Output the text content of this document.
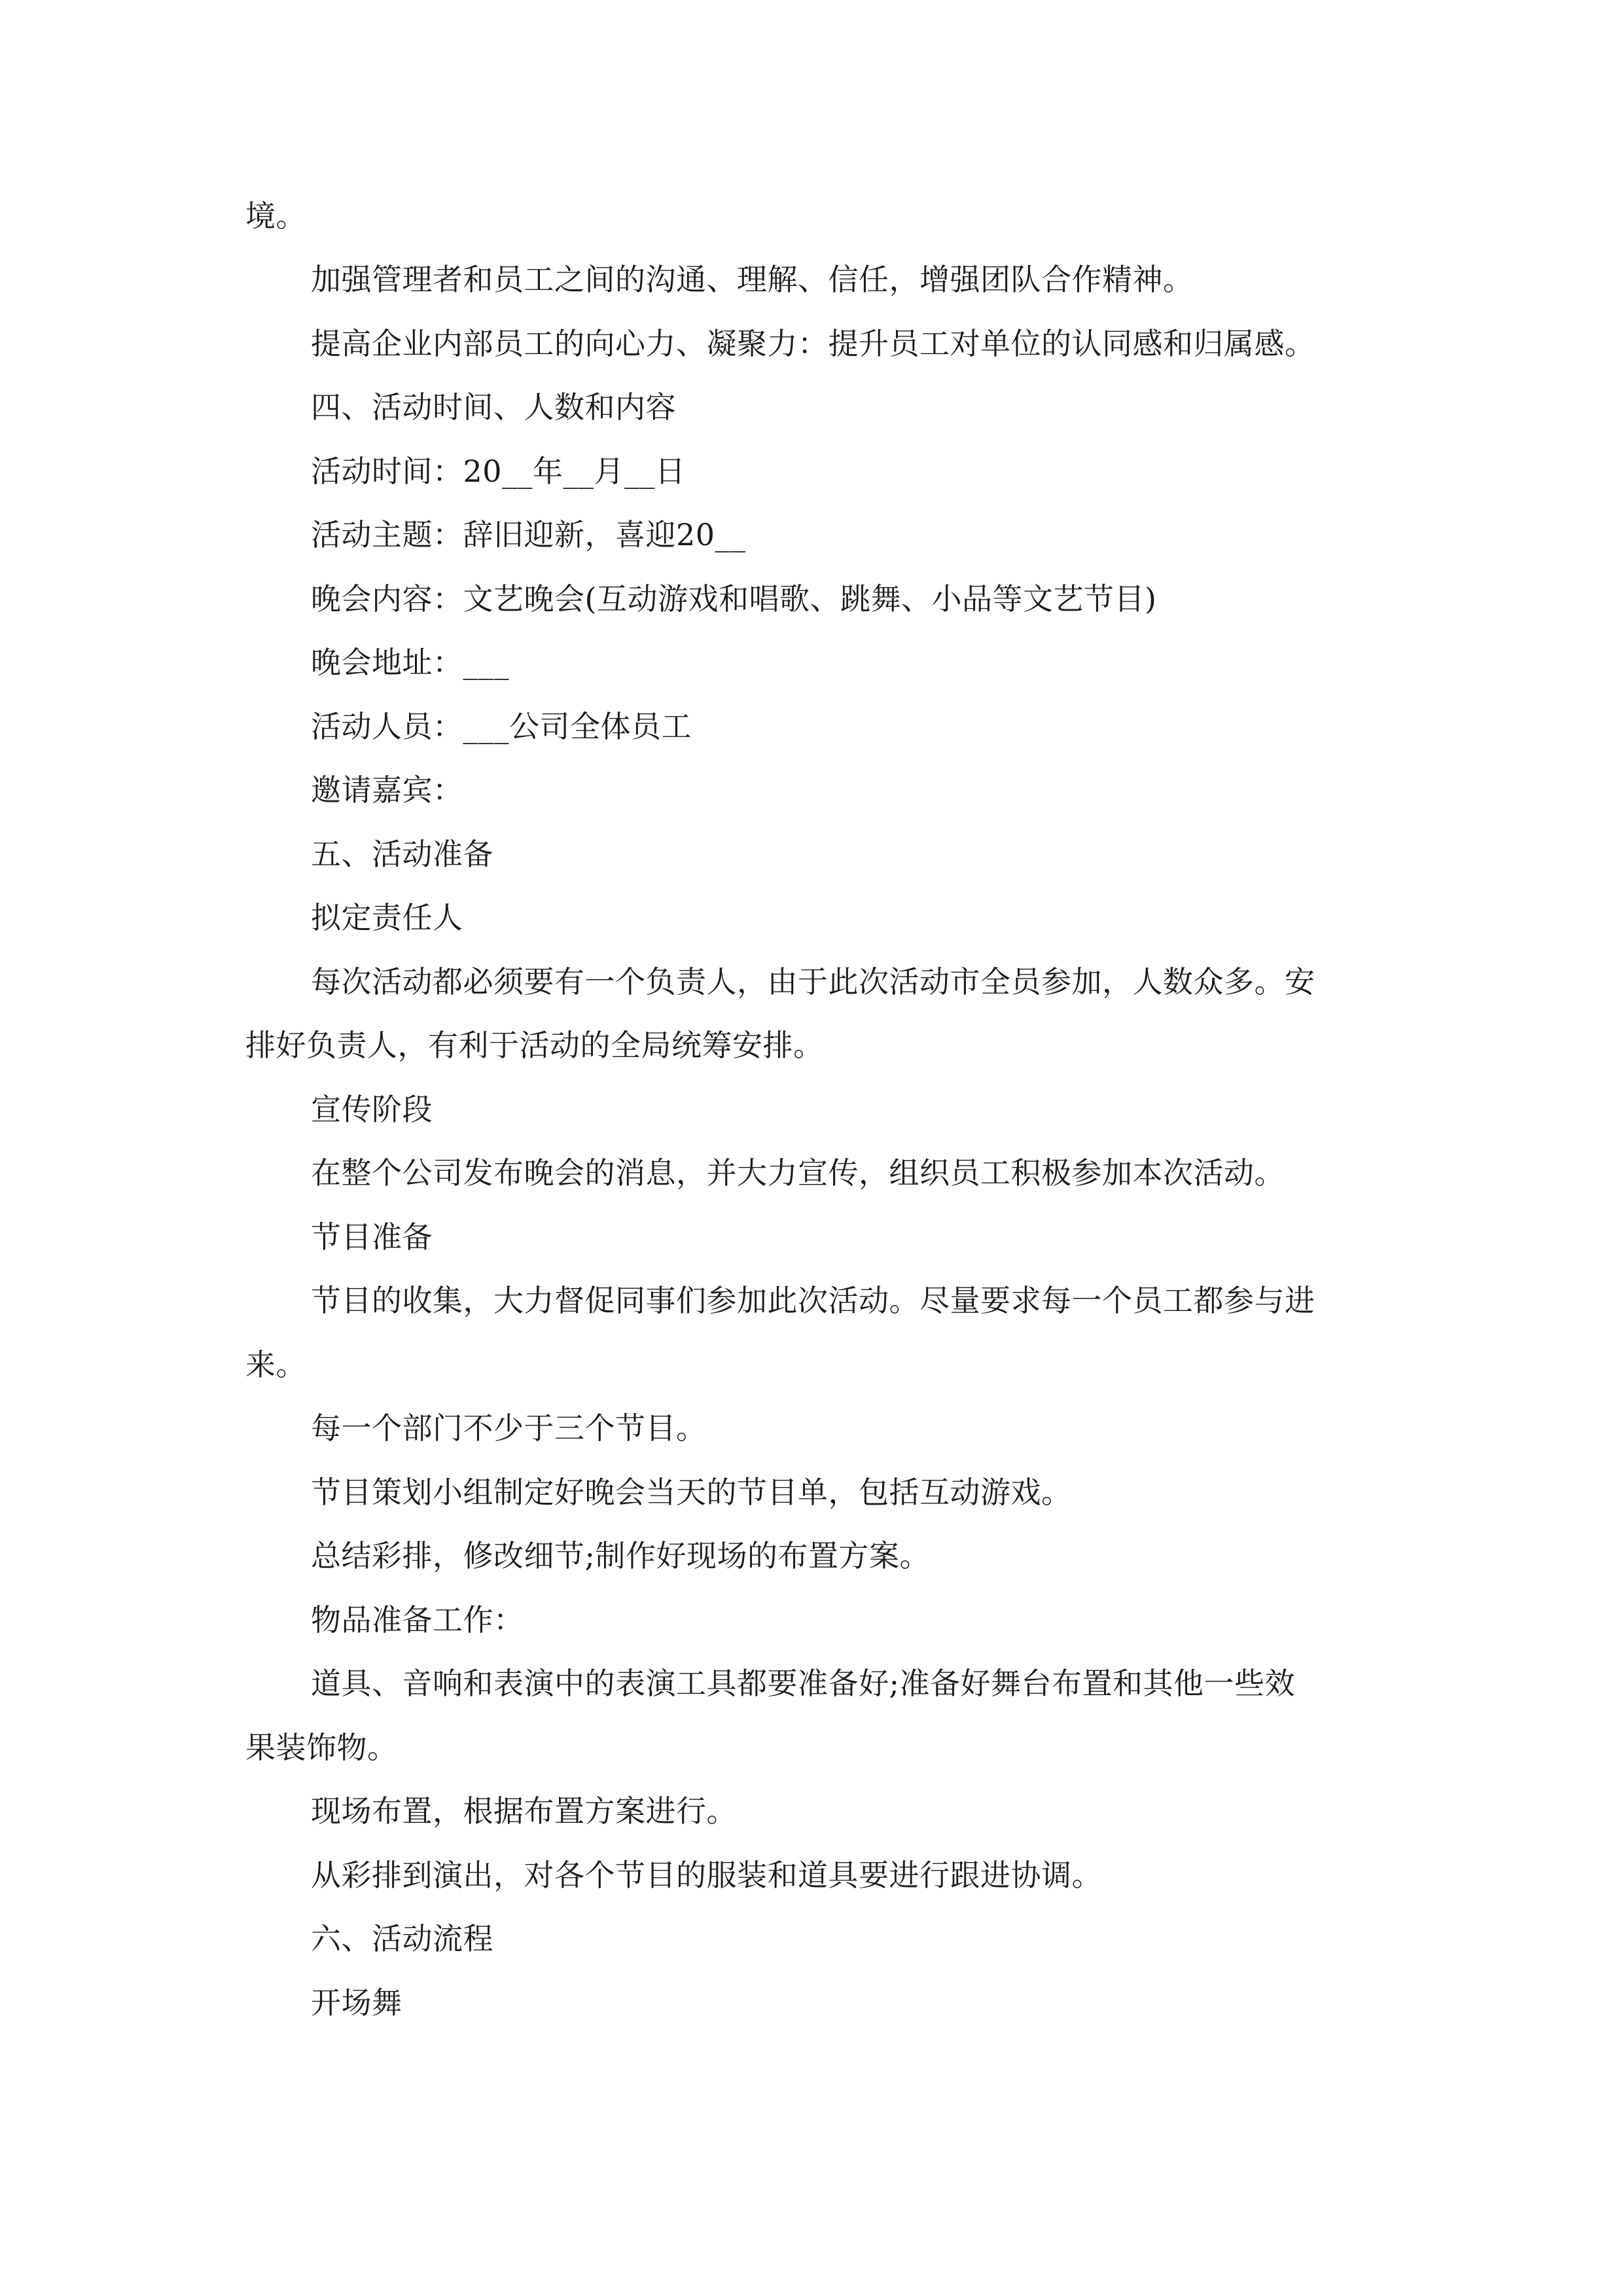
境。
加强管理者和员工之间的沟通、理解、信任，增强团队合作精神。
提高企业内部员工的向心力、凝聚力：提升员工对单位的认同感和归属感。
四、活动时间、人数和内容
活动时间：20__年__月__日
活动主题：辞旧迎新，喜迎20__
晚会内容：文艺晚会(互动游戏和唱歌、跳舞、小品等文艺节目)
晚会地址：___
活动人员：___公司全体员工
邀请嘉宾：
五、活动准备
拟定责任人
每次活动都必须要有一个负责人，由于此次活动市全员参加，人数众多。安
排好负责人，有利于活动的全局统筹安排。
宣传阶段
在整个公司发布晚会的消息，并大力宣传，组织员工积极参加本次活动。
节目准备
节目的收集，大力督促同事们参加此次活动。尽量要求每一个员工都参与进
来。
每一个部门不少于三个节目。
节目策划小组制定好晚会当天的节目单，包括互动游戏。
总结彩排，修改细节;制作好现场的布置方案。
物品准备工作：
道具、音响和表演中的表演工具都要准备好;准备好舞台布置和其他一些效
果装饰物。
现场布置，根据布置方案进行。
从彩排到演出，对各个节目的服装和道具要进行跟进协调。
六、活动流程
开场舞
